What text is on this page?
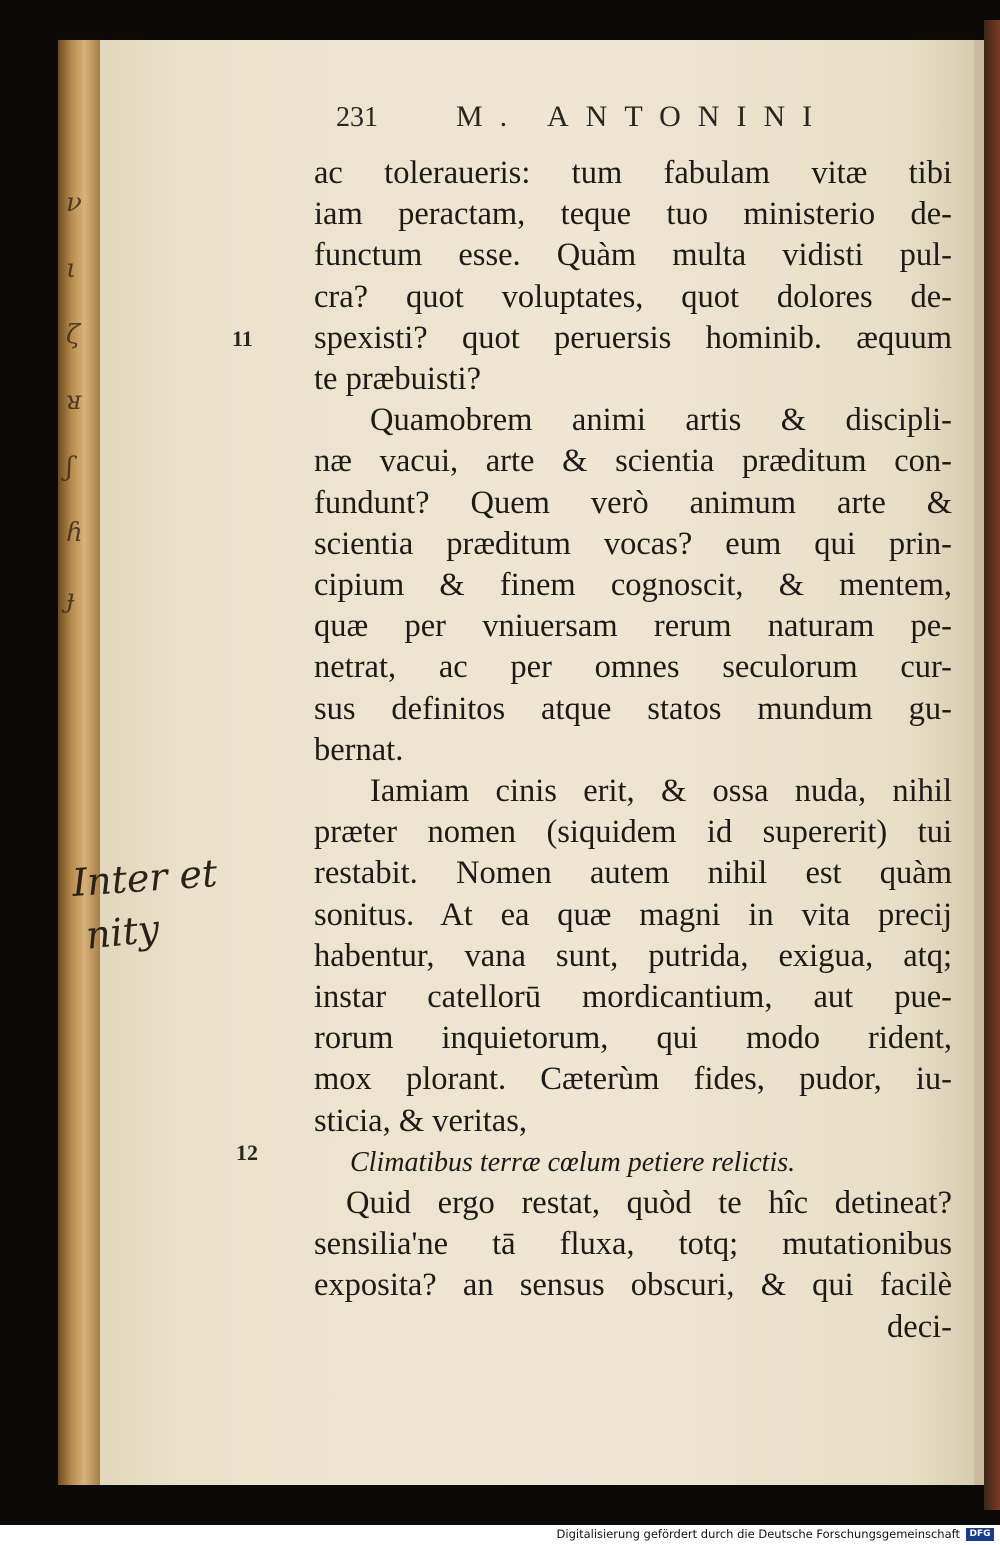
ν
ι
ζ
ᴚ
ʃ
ɦ
ɟ
231	M. ANTONINI
11
12
Inter et
nity
ac toleraueris: tum fabulam vitæ tibi
iam peractam, teque tuo ministerio de-
functum esse. Quàm multa vidisti pul-
cra? quot voluptates, quot dolores de-
spexisti? quot peruersis hominib. æquum
te præbuisti?
Quamobrem animi artis & discipli-
næ vacui, arte & scientia præditum con-
fundunt? Quem verò animum arte &
scientia præditum vocas? eum qui prin-
cipium & finem cognoscit, & mentem,
quæ per vniuersam rerum naturam pe-
netrat, ac per omnes seculorum cur-
sus definitos atque statos mundum gu-
bernat.
Iamiam cinis erit, & ossa nuda, nihil
præter nomen (siquidem id supererit) tui
restabit. Nomen autem nihil est quàm
sonitus. At ea quæ magni in vita precij
habentur, vana sunt, putrida, exigua, atq;
instar catellorū mordicantium, aut pue-
rorum inquietorum, qui modo rident,
mox plorant. Cæterùm fides, pudor, iu-
sticia, & veritas,
Climatibus terræ cœlum petiere relictis.
Quid ergo restat, quòd te hîc detineat?
sensilia'ne tā fluxa, totq; mutationibus
exposita? an sensus obscuri, & qui facilè
deci-
Digitalisierung gefördert durch die Deutsche Forschungsgemeinschaft	DFG
